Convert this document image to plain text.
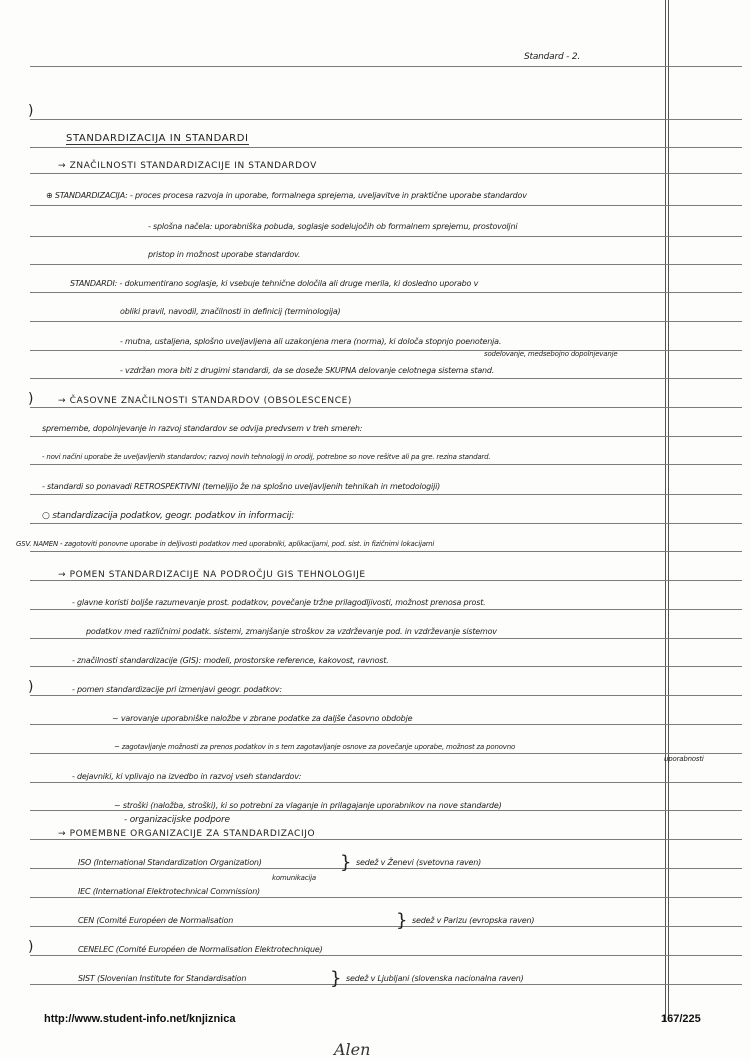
)
)
)
)
Standard - 2.
STANDARDIZACIJA IN STANDARDI
→ ZNAČILNOSTI STANDARDIZACIJE IN STANDARDOV
⊕ STANDARDIZACIJA: - proces procesa razvoja in uporabe, formalnega sprejema, uveljavitve in praktične uporabe standardov
- splošna načela: uporabniška pobuda, soglasje sodelujočih ob formalnem sprejemu, prostovoljni
pristop in možnost uporabe standardov.
STANDARDI: - dokumentirano soglasje, ki vsebuje tehnične določila ali druge merila, ki dosledno uporabo v
obliki pravil, navodil, značilnosti in definicij (terminologija)
- mutna, ustaljena, splošno uveljavljena ali uzakonjena mera (norma), ki določa stopnjo poenotenja.
sodelovanje, medsebojno dopolnjevanje
- vzdržan mora biti z drugimi standardi, da se doseže SKUPNA delovanje celotnega sistema stand.
→ ČASOVNE ZNAČILNOSTI STANDARDOV (OBSOLESCENCE)
spremembe, dopolnjevanje in razvoj standardov se odvija predvsem v treh smereh:
- novi načini uporabe že uveljavljenih standardov; razvoj novih tehnologij in orodij, potrebne so nove rešitve ali pa gre. rezina standard.
- standardi so ponavadi RETROSPEKTIVNI (temeljijo že na splošno uveljavljenih tehnikah in metodologiji)
○ standardizacija podatkov, geogr. podatkov in informacij:
GSV. NAMEN - zagotoviti ponovne uporabe in deljivosti podatkov med uporabniki, aplikacijami, pod. sist. in fizičnimi lokacijami
→ POMEN STANDARDIZACIJE NA PODROČJU GIS TEHNOLOGIJE
- glavne koristi boljše razumevanje prost. podatkov, povečanje tržne prilagodljivosti, možnost prenosa prost.
podatkov med različnimi podatk. sistemi, zmanjšanje stroškov za vzdrževanje pod. in vzdrževanje sistemov
- značilnosti standardizacije (GIS): modeli, prostorske reference, kakovost, ravnost.
- pomen standardizacije pri izmenjavi geogr. podatkov:
~ varovanje uporabniške naložbe v zbrane podatke za daljše časovno obdobje
~ zagotavljanje možnosti za prenos podatkov in s tem zagotavljanje osnove za povečanje uporabe, možnost za ponovno
uporabnosti
- dejavniki, ki vplivajo na izvedbo in razvoj vseh standardov:
~ stroški (naložba, stroški), ki so potrebni za vlaganje in prilagajanje uporabnikov na nove standarde)
- organizacijske podpore
→ POMEMBNE ORGANIZACIJE ZA STANDARDIZACIJO
ISO (International Standardization Organization)	} sedež v Ženevi (svetovna raven)
komunikacija
IEC (International Elektrotechnical Commission)
CEN (Comité Européen de Normalisation	} sedež v Parizu (evropska raven)
CENELEC (Comité Européen de Normalisation Elektrotechnique)
SIST (Slovenian Institute for Standardisation	} sedež v Ljubljani (slovenska nacionalna raven)
http://www.student-info.net/knjiznica	167/225
Alen
